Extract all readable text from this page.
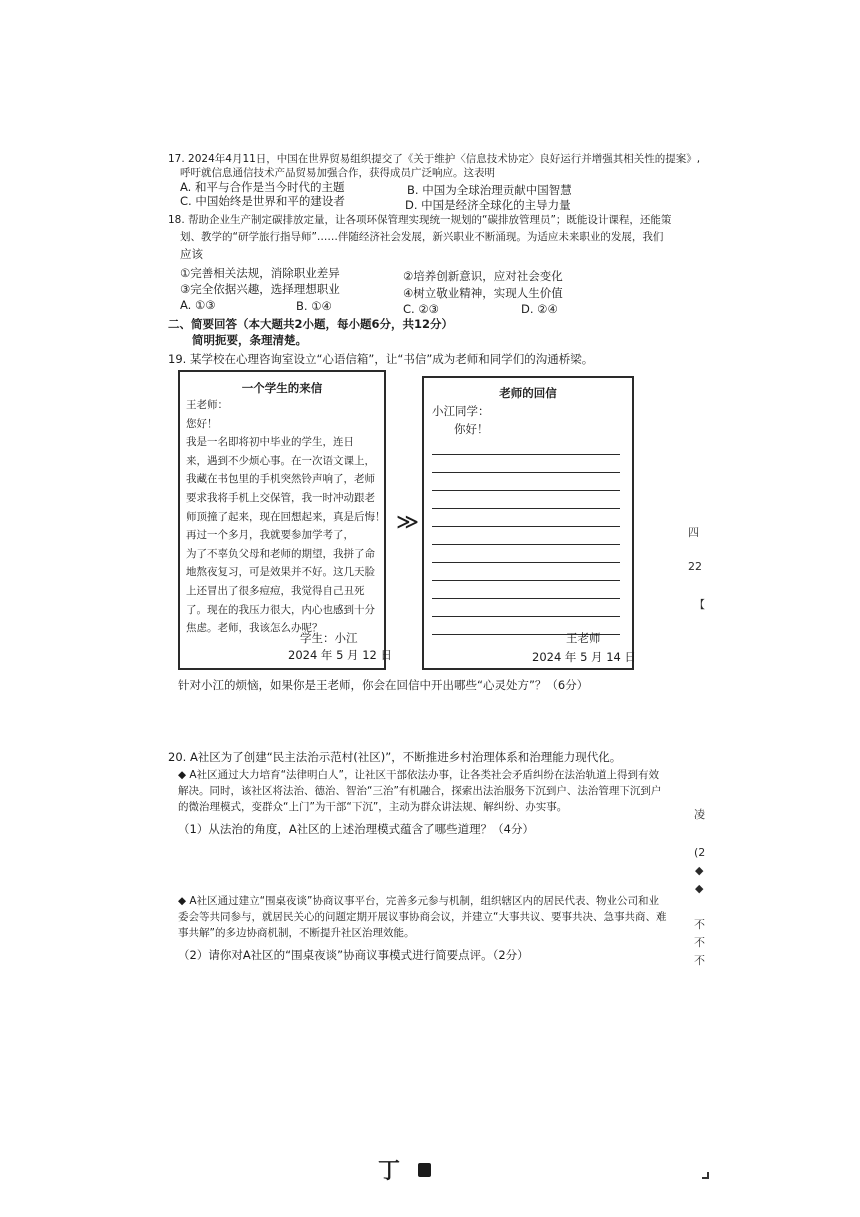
17. 2024年4月11日，中国在世界贸易组织提交了《关于维护〈信息技术协定〉良好运行并增强其相关性的提案》,
呼吁就信息通信技术产品贸易加强合作，获得成员广泛响应。这表明
A. 和平与合作是当今时代的主题	B. 中国为全球治理贡献中国智慧
C. 中国始终是世界和平的建设者	D. 中国是经济全球化的主导力量
18. 帮助企业生产制定碳排放定量，让各项环保管理实现统一规划的“碳排放管理员”；既能设计课程，还能策
划、教学的“研学旅行指导师”……伴随经济社会发展，新兴职业不断涌现。为适应未来职业的发展，我们
应该
①完善相关法规，消除职业差异	②培养创新意识，应对社会变化
③完全依据兴趣，选择理想职业	④树立敬业精神，实现人生价值
A. ①③	B. ①④	C. ②③	D. ②④
二、简要回答（本大题共2小题，每小题6分，共12分）
简明扼要，条理清楚。
19. 某学校在心理咨询室设立“心语信箱”，让“书信”成为老师和同学们的沟通桥梁。
一个学生的来信
王老师：
您好！
我是一名即将初中毕业的学生，连日
来，遇到不少烦心事。在一次语文课上，
我藏在书包里的手机突然铃声响了，老师
要求我将手机上交保管，我一时冲动跟老
师顶撞了起来，现在回想起来，真是后悔！
再过一个多月，我就要参加学考了，
为了不辜负父母和老师的期望，我拼了命
地熬夜复习，可是效果并不好。这几天脸
上还冒出了很多痘痘，我觉得自己丑死
了。现在的我压力很大，内心也感到十分
焦虑。老师，我该怎么办呢？
学生：小江
2024 年 5 月 12 日
≫
老师的回信
小江同学：
你好！
王老师
2024 年 5 月 14 日
针对小江的烦恼，如果你是王老师，你会在回信中开出哪些“心灵处方”？（6分）
20. A社区为了创建“民主法治示范村(社区)”，不断推进乡村治理体系和治理能力现代化。
◆ A社区通过大力培育“法律明白人”，让社区干部依法办事，让各类社会矛盾纠纷在法治轨道上得到有效
解决。同时，该社区将法治、德治、智治“三治”有机融合，探索出法治服务下沉到户、法治管理下沉到户
的微治理模式，变群众“上门”为干部“下沉”，主动为群众讲法规、解纠纷、办实事。
（1）从法治的角度，A社区的上述治理模式蕴含了哪些道理？（4分）
◆ A社区通过建立“围桌夜谈”协商议事平台，完善多元参与机制，组织辖区内的居民代表、物业公司和业
委会等共同参与，就居民关心的问题定期开展议事协商会议，并建立“大事共议、要事共决、急事共商、难
事共解”的多边协商机制，不断提升社区治理效能。
（2）请你对A社区的“围桌夜谈”协商议事模式进行简要点评。（2分）
四
22
【
凌
(2
◆
◆
不
不
不
丁
